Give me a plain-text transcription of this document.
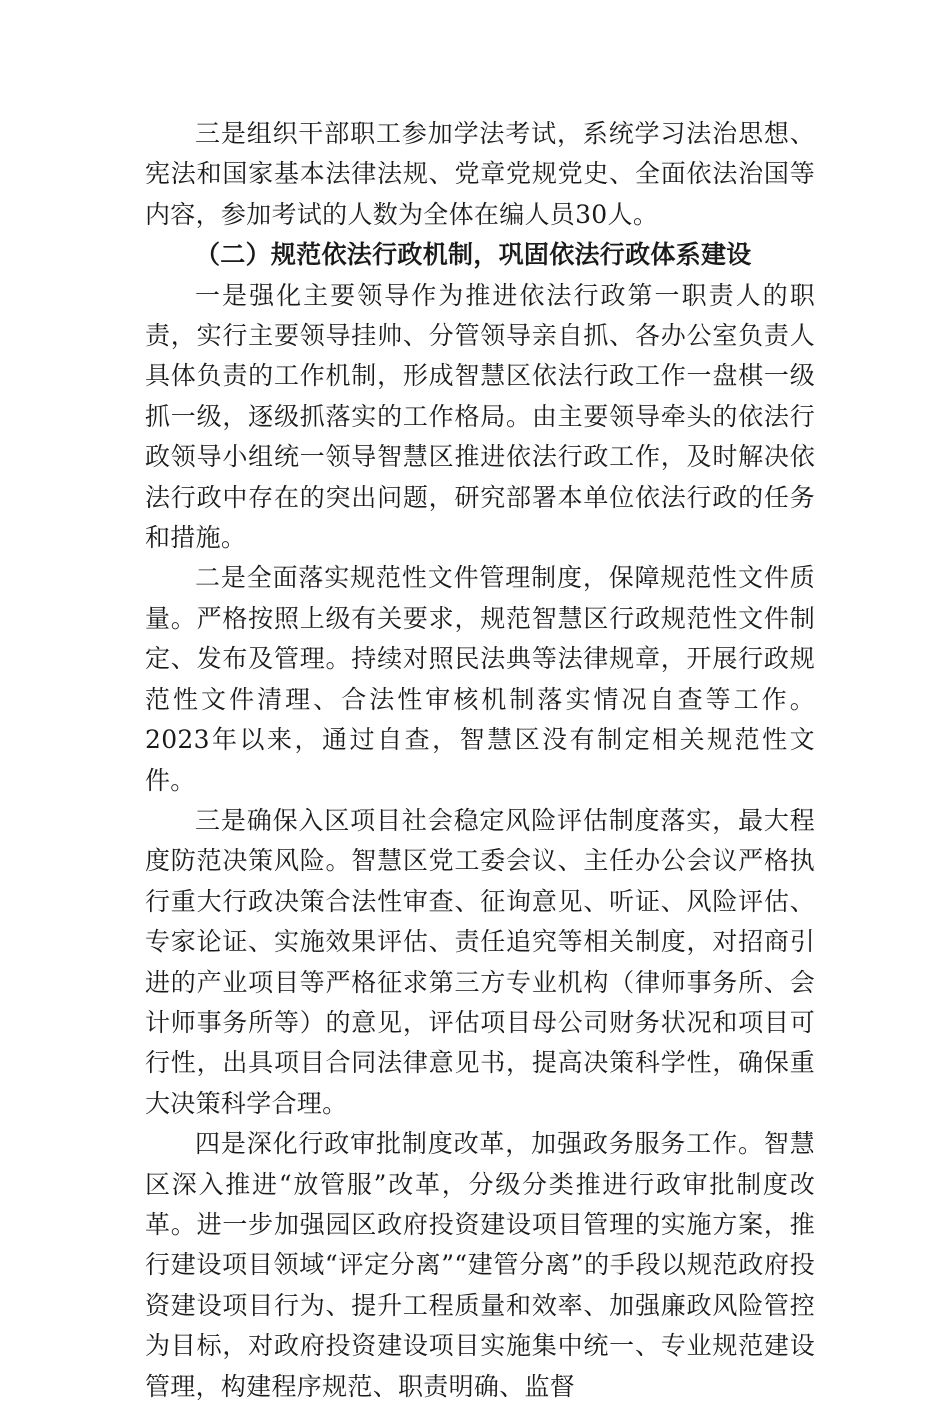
三是组织干部职工参加学法考试，系统学习法治思想、宪法和国家基本法律法规、党章党规党史、全面依法治国等内容，参加考试的人数为全体在编人员30人。

（二）规范依法行政机制，巩固依法行政体系建设

一是强化主要领导作为推进依法行政第一职责人的职责，实行主要领导挂帅、分管领导亲自抓、各办公室负责人具体负责的工作机制，形成智慧区依法行政工作一盘棋一级抓一级，逐级抓落实的工作格局。由主要领导牵头的依法行政领导小组统一领导智慧区推进依法行政工作，及时解决依法行政中存在的突出问题，研究部署本单位依法行政的任务和措施。

二是全面落实规范性文件管理制度，保障规范性文件质量。严格按照上级有关要求，规范智慧区行政规范性文件制定、发布及管理。持续对照民法典等法律规章，开展行政规范性文件清理、合法性审核机制落实情况自查等工作。2023年以来，通过自查，智慧区没有制定相关规范性文件。

三是确保入区项目社会稳定风险评估制度落实，最大程度防范决策风险。智慧区党工委会议、主任办公会议严格执行重大行政决策合法性审查、征询意见、听证、风险评估、专家论证、实施效果评估、责任追究等相关制度，对招商引进的产业项目等严格征求第三方专业机构（律师事务所、会计师事务所等）的意见，评估项目母公司财务状况和项目可行性，出具项目合同法律意见书，提高决策科学性，确保重大决策科学合理。

四是深化行政审批制度改革，加强政务服务工作。智慧区深入推进“放管服”改革，分级分类推进行政审批制度改革。进一步加强园区政府投资建设项目管理的实施方案，推行建设项目领域“评定分离”“建管分离”的手段以规范政府投资建设项目行为、提升工程质量和效率、加强廉政风险管控为目标，对政府投资建设项目实施集中统一、专业规范建设管理，构建程序规范、职责明确、监督
